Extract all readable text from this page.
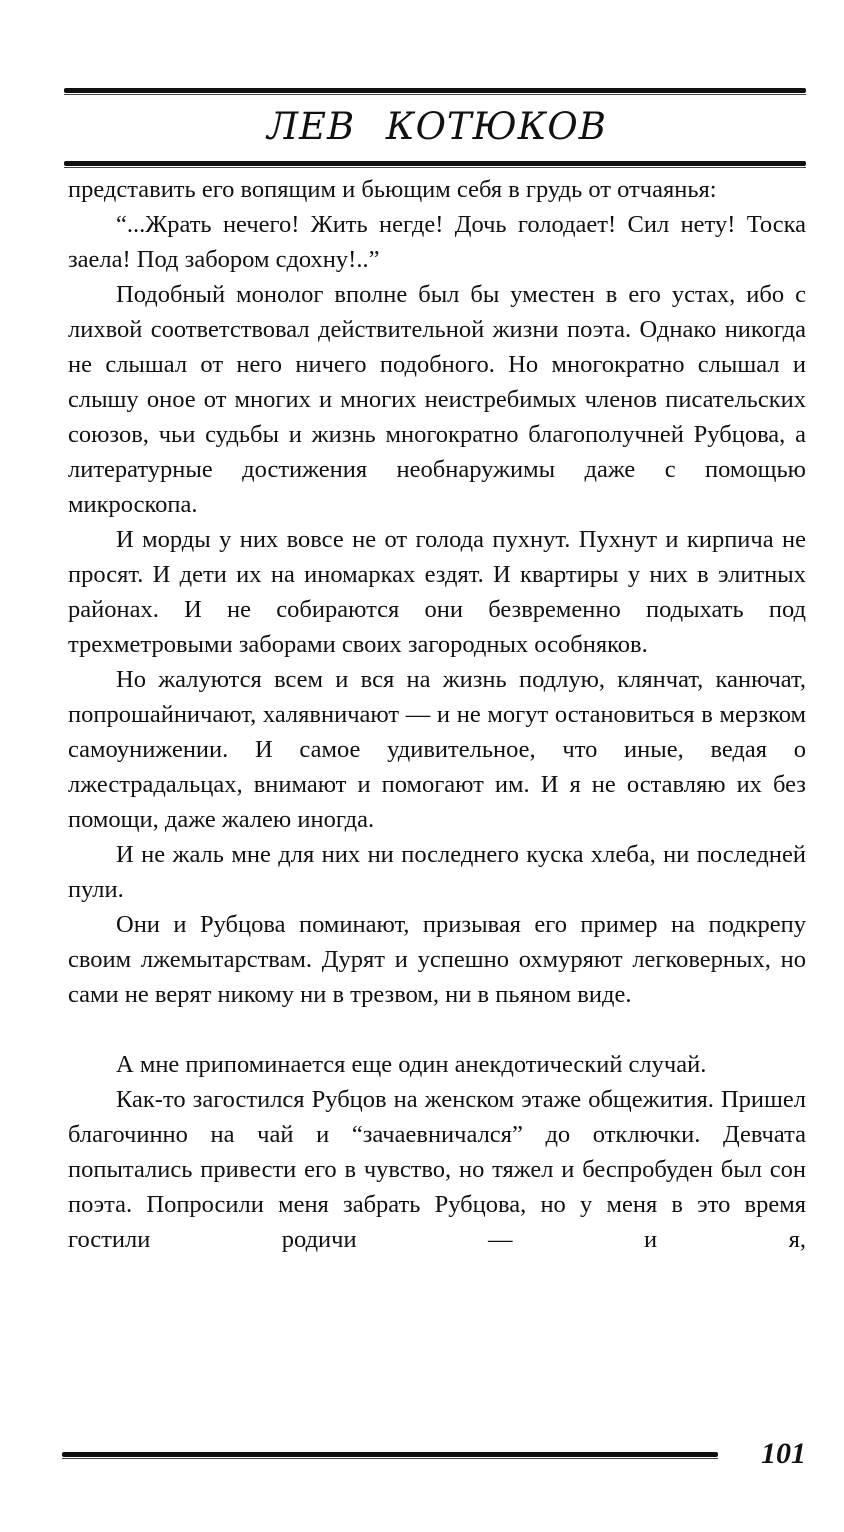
ЛЕВ КОТЮКОВ

представить его вопящим и бьющим себя в грудь от отчаянья:

“...Жрать нечего! Жить негде! Дочь голодает! Сил нету! Тоска заела! Под забором сдохну!..”

Подобный монолог вполне был бы уместен в его устах, ибо с лихвой соответствовал действительной жизни поэта. Однако никогда не слышал от него ничего подобного. Но многократно слышал и слышу оное от многих и многих неистребимых членов писательских союзов, чьи судьбы и жизнь многократно благополучней Рубцова, а литературные достижения необнаружимы даже с помощью микроскопа.

И морды у них вовсе не от голода пухнут. Пухнут и кирпича не просят. И дети их на иномарках ездят. И квартиры у них в элитных районах. И не собираются они безвременно подыхать под трехметровыми заборами своих загородных особняков.

Но жалуются всем и вся на жизнь подлую, клянчат, канючат, попрошайничают, халявничают — и не могут остановиться в мерзком самоунижении. И самое удивительное, что иные, ведая о лжестрадальцах, внимают и помогают им. И я не оставляю их без помощи, даже жалею иногда.

И не жаль мне для них ни последнего куска хлеба, ни последней пули.

Они и Рубцова поминают, призывая его пример на подкрепу своим лжемытарствам. Дурят и успешно охмуряют легковерных, но сами не верят никому ни в трезвом, ни в пьяном виде.

А мне припоминается еще один анекдотический случай.

Как-то загостился Рубцов на женском этаже общежития. Пришел благочинно на чай и “зачаевничался” до отключки. Девчата попытались привести его в чувство, но тяжел и беспробуден был сон поэта. Попросили меня забрать Рубцова, но у меня в это время гостили родичи — и я,

101
